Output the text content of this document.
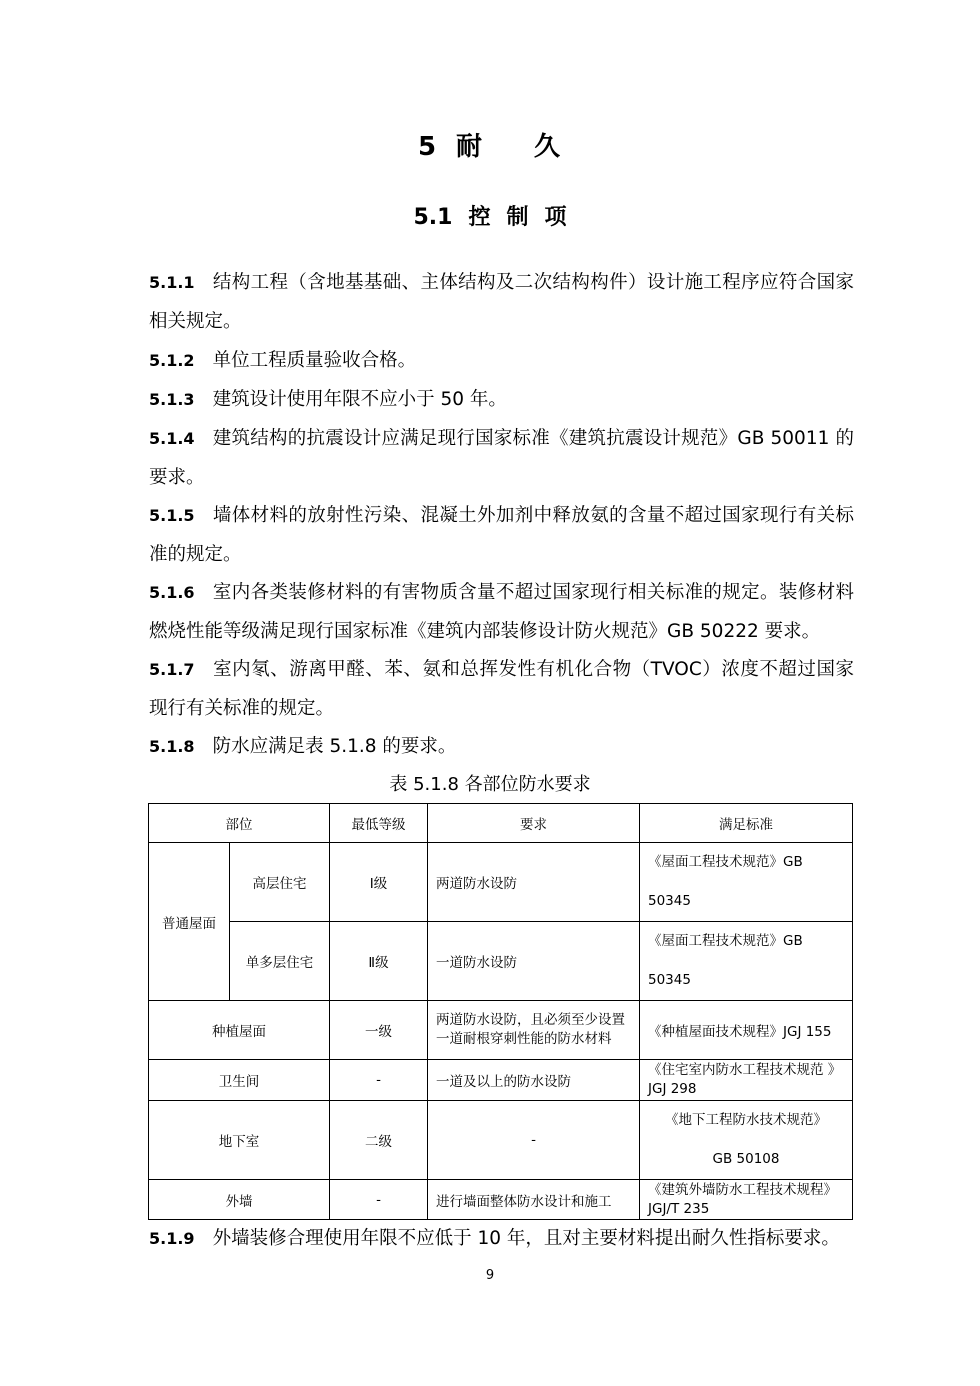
5 耐 久
5.1 控 制 项
5.1.1 结构工程（含地基基础、主体结构及二次结构构件）设计施工程序应符合国家相关规定。
5.1.2 单位工程质量验收合格。
5.1.3 建筑设计使用年限不应小于 50 年。
5.1.4 建筑结构的抗震设计应满足现行国家标准《建筑抗震设计规范》GB 50011 的要求。
5.1.5 墙体材料的放射性污染、混凝土外加剂中释放氨的含量不超过国家现行有关标准的规定。
5.1.6 室内各类装修材料的有害物质含量不超过国家现行相关标准的规定。装修材料燃烧性能等级满足现行国家标准《建筑内部装修设计防火规范》GB 50222 要求。
5.1.7 室内氡、游离甲醛、苯、氨和总挥发性有机化合物（TVOC）浓度不超过国家现行有关标准的规定。
5.1.8 防水应满足表 5.1.8 的要求。
表 5.1.8 各部位防水要求
部位		最低等级	要求	满足标准
普通屋面	高层住宅	Ⅰ级	两道防水设防	《屋面工程技术规范》GB
50345

	单多层住宅	Ⅱ级	一道防水设防	《屋面工程技术规范》GB
50345

种植屋面		一级	两道防水设防，且必须至少设置一道耐根穿刺性能的防水材料	《种植屋面技术规程》JGJ 155
卫生间		-	一道及以上的防水设防	《住宅室内防水工程技术规范 》JGJ 298
地下室		二级	-	《地下工程防水技术规范》
GB 50108

外墙		-	进行墙面整体防水设计和施工	《建筑外墙防水工程技术规程》JGJ/T 235
5.1.9 外墙装修合理使用年限不应低于 10 年，且对主要材料提出耐久性指标要求。
9
